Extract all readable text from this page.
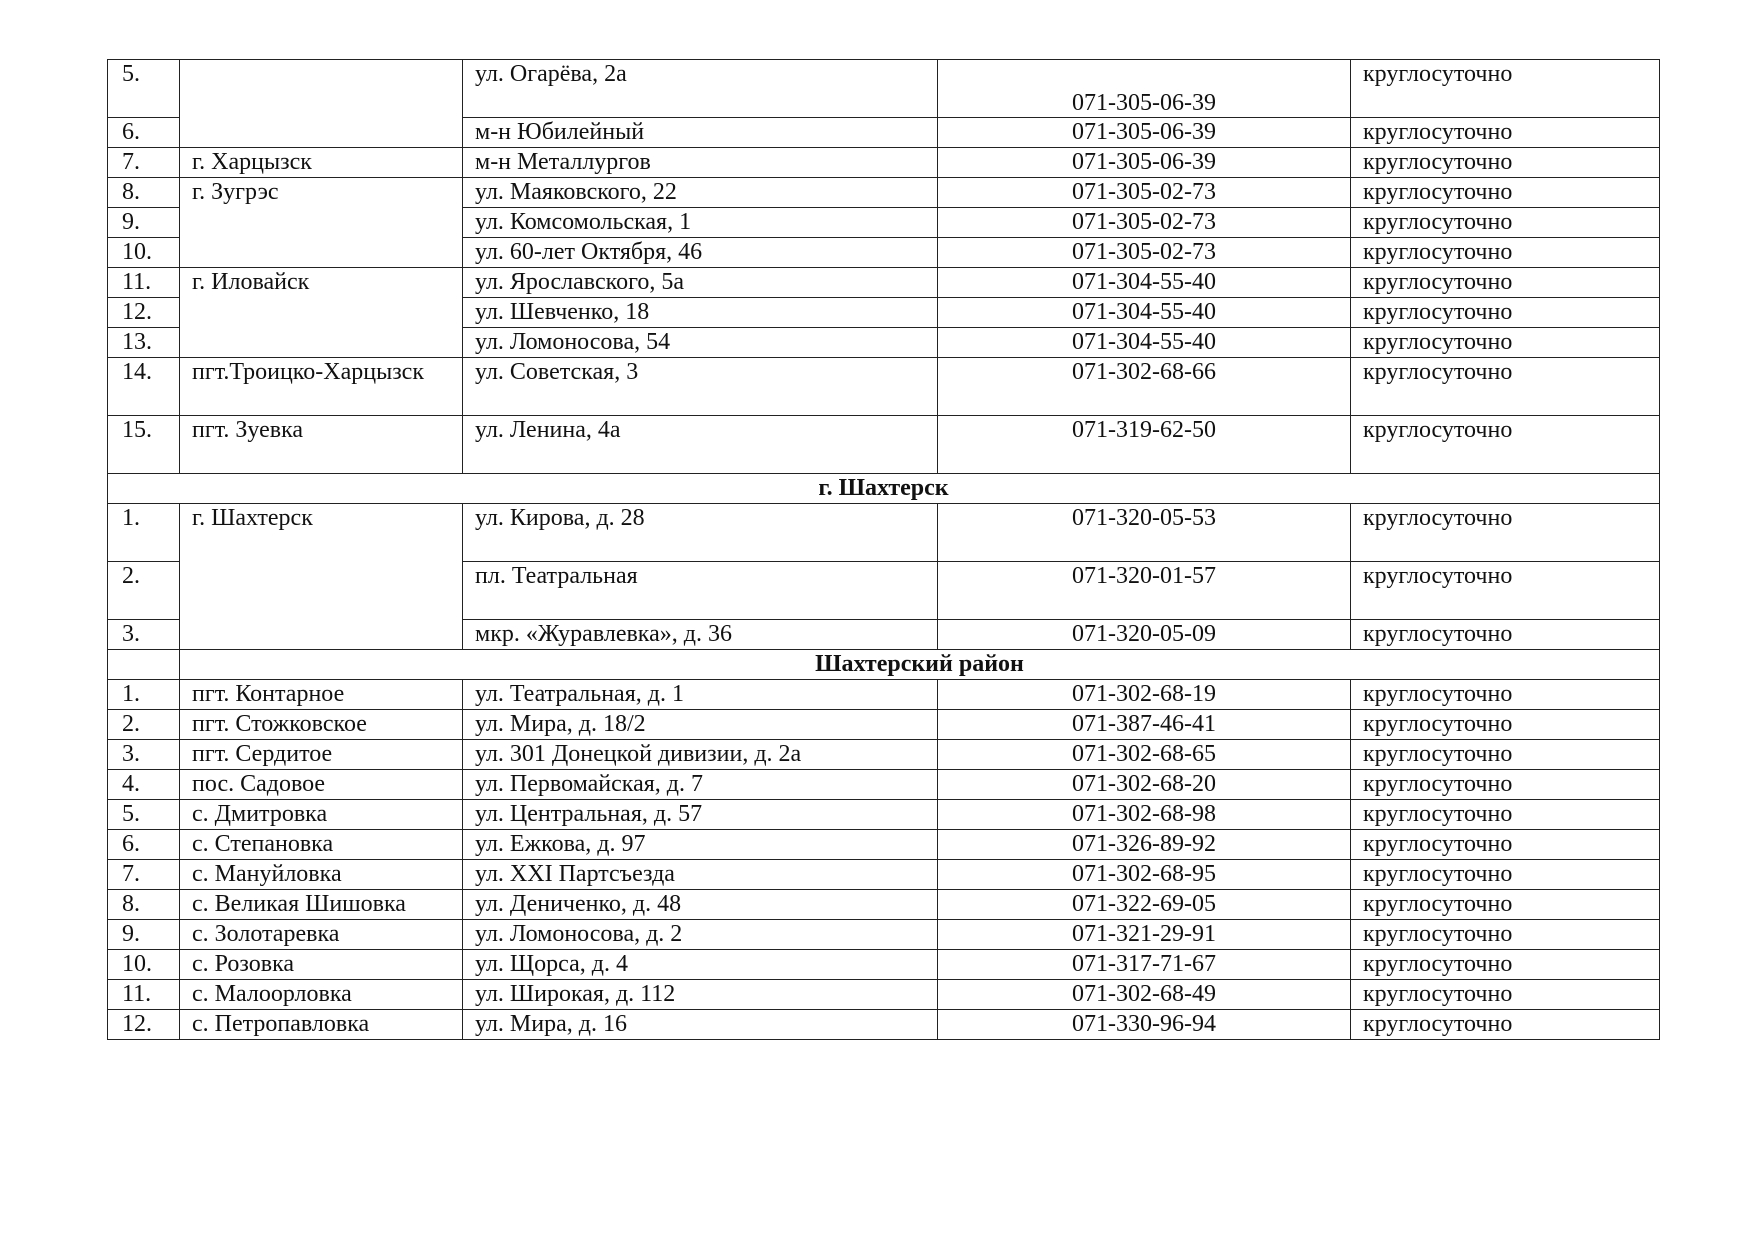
5.		ул. Огарёва, 2а	071-305-06-39	круглосуточно
6.		м-н Юбилейный	071-305-06-39	круглосуточно
7.	г. Харцызск	м-н Металлургов	071-305-06-39	круглосуточно
8.	г. Зугрэс	ул. Маяковского, 22	071-305-02-73	круглосуточно
9.		ул. Комсомольская, 1	071-305-02-73	круглосуточно
10.		ул. 60-лет Октября, 46	071-305-02-73	круглосуточно
11.	г. Иловайск	ул. Ярославского, 5а	071-304-55-40	круглосуточно
12.		ул. Шевченко, 18	071-304-55-40	круглосуточно
13.		ул. Ломоносова, 54	071-304-55-40	круглосуточно
14.	пгт.Троицко-Харцызск	ул. Советская, 3	071-302-68-66	круглосуточно
15.	пгт. Зуевка	ул. Ленина, 4а	071-319-62-50	круглосуточно
г. Шахтерск				
1.	г. Шахтерск	ул. Кирова, д. 28	071-320-05-53	круглосуточно
2.		пл. Театральная	071-320-01-57	круглосуточно
3.		мкр. «Журавлевка», д. 36	071-320-05-09	круглосуточно
	Шахтерский район			
1.	пгт. Контарное	ул. Театральная, д. 1	071-302-68-19	круглосуточно
2.	пгт. Стожковское	ул. Мира, д. 18/2	071-387-46-41	круглосуточно
3.	пгт. Сердитое	ул. 301 Донецкой дивизии, д. 2а	071-302-68-65	круглосуточно
4.	пос. Садовое	ул. Первомайская, д. 7	071-302-68-20	круглосуточно
5.	с. Дмитровка	ул. Центральная, д. 57	071-302-68-98	круглосуточно
6.	с. Степановка	ул. Ежкова, д. 97	071-326-89-92	круглосуточно
7.	с. Мануйловка	ул. XXI Партсъезда	071-302-68-95	круглосуточно
8.	с. Великая Шишовка	ул. Дениченко, д. 48	071-322-69-05	круглосуточно
9.	с. Золотаревка	ул. Ломоносова, д. 2	071-321-29-91	круглосуточно
10.	с. Розовка	ул. Щорса, д. 4	071-317-71-67	круглосуточно
11.	с. Малоорловка	ул. Широкая, д. 112	071-302-68-49	круглосуточно
12.	с. Петропавловка	ул. Мира, д. 16	071-330-96-94	круглосуточно
